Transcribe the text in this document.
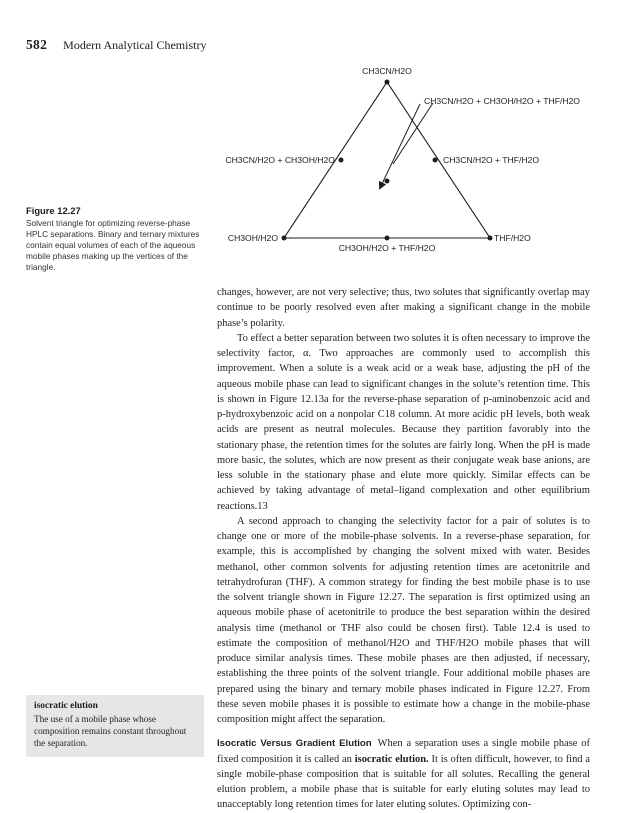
582 Modern Analytical Chemistry
CH3CN/H2O
CH3CN/H2O + CH3OH/H2O + THF/H2O
CH3CN/H2O + CH3OH/H2O	CH3CN/H2O + THF/H2O
CH3OH/H2O	THF/H2O
CH3OH/H2O + THF/H2O
Figure 12.27
Solvent triangle for optimizing reverse-phase HPLC separations. Binary and ternary mixtures contain equal volumes of each of the aqueous mobile phases making up the vertices of the triangle.

changes, however, are not very selective; thus, two solutes that significantly overlap may continue to be poorly resolved even after making a significant change in the mobile phase’s polarity.

To effect a better separation between two solutes it is often necessary to improve the selectivity factor, α. Two approaches are commonly used to accomplish this improvement. When a solute is a weak acid or a weak base, adjusting the pH of the aqueous mobile phase can lead to significant changes in the solute’s retention time. This is shown in Figure 12.13a for the reverse-phase separation of p-aminobenzoic acid and p-hydroxybenzoic acid on a nonpolar C18 column. At more acidic pH levels, both weak acids are present as neutral molecules. Because they partition favorably into the stationary phase, the retention times for the solutes are fairly long. When the pH is made more basic, the solutes, which are now present as their conjugate weak base anions, are less soluble in the stationary phase and elute more quickly. Similar effects can be achieved by taking advantage of metal–ligand complexation and other equilibrium reactions.13

A second approach to changing the selectivity factor for a pair of solutes is to change one or more of the mobile-phase solvents. In a reverse-phase separation, for example, this is accomplished by changing the solvent mixed with water. Besides methanol, other common solvents for adjusting retention times are acetonitrile and tetrahydrofuran (THF). A common strategy for finding the best mobile phase is to use the solvent triangle shown in Figure 12.27. The separation is first optimized using an aqueous mobile phase of acetonitrile to produce the best separation within the desired analysis time (methanol or THF also could be chosen first). Table 12.4 is used to estimate the composition of methanol/H2O and THF/H2O mobile phases that will produce similar analysis times. These mobile phases are then adjusted, if necessary, establishing the three points of the solvent triangle. Four additional mobile phases are prepared using the binary and ternary mobile phases indicated in Figure 12.27. From these seven mobile phases it is possible to estimate how a change in the mobile-phase composition might affect the separation.

Isocratic Versus Gradient Elution When a separation uses a single mobile phase of fixed composition it is called an isocratic elution. It is often difficult, however, to find a single mobile-phase composition that is suitable for all solutes. Recalling the general elution problem, a mobile phase that is suitable for early eluting solutes may lead to unacceptably long retention times for later eluting solutes. Optimizing con-

isocratic elution
The use of a mobile phase whose composition remains constant throughout the separation.
